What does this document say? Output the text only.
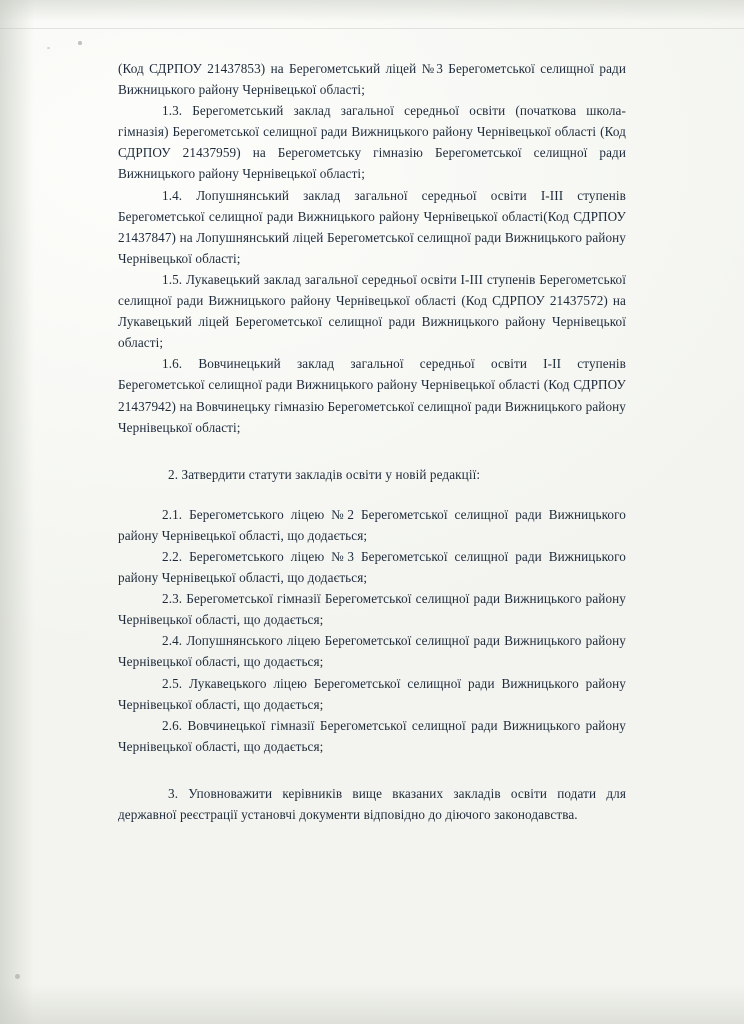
(Код СДРПОУ 21437853) на Берегометський ліцей №3 Берегометської селищної ради Вижницького району Чернівецької області;

1.3. Берегометський заклад загальної середньої освіти (початкова школа-гімназія) Берегометської селищної ради Вижницького району Чернівецької області (Код СДРПОУ 21437959) на Берегометську гімназію Берегометської селищної ради Вижницького району Чернівецької області;

1.4. Лопушнянський заклад загальної середньої освіти I-III ступенів Берегометської селищної ради Вижницького району Чернівецької області(Код СДРПОУ 21437847) на Лопушнянський ліцей Берегометської селищної ради Вижницького району Чернівецької області;

1.5. Лукавецький заклад загальної середньої освіти I-III ступенів Берегометської селищної ради Вижницького району Чернівецької області (Код СДРПОУ 21437572) на Лукавецький ліцей Берегометської селищної ради Вижницького району Чернівецької області;

1.6. Вовчинецький заклад загальної середньої освіти I-II ступенів Берегометської селищної ради Вижницького району Чернівецької області (Код СДРПОУ 21437942) на Вовчинецьку гімназію Берегометської селищної ради Вижницького району Чернівецької області;

2. Затвердити статути закладів освіти у новій редакції:

2.1. Берегометського ліцею №2 Берегометської селищної ради Вижницького району Чернівецької області, що додається;

2.2. Берегометського ліцею №3 Берегометської селищної ради Вижницького району Чернівецької області, що додається;

2.3. Берегометської гімназії Берегометської селищної ради Вижницького району Чернівецької області, що додається;

2.4. Лопушнянського ліцею Берегометської селищної ради Вижницького району Чернівецької області, що додається;

2.5. Лукавецького ліцею Берегометської селищної ради Вижницького району Чернівецької області, що додається;

2.6. Вовчинецької гімназії Берегометської селищної ради Вижницького району Чернівецької області, що додається;

3. Уповноважити керівників вище вказаних закладів освіти подати для державної реєстрації установчі документи відповідно до діючого законодавства.
